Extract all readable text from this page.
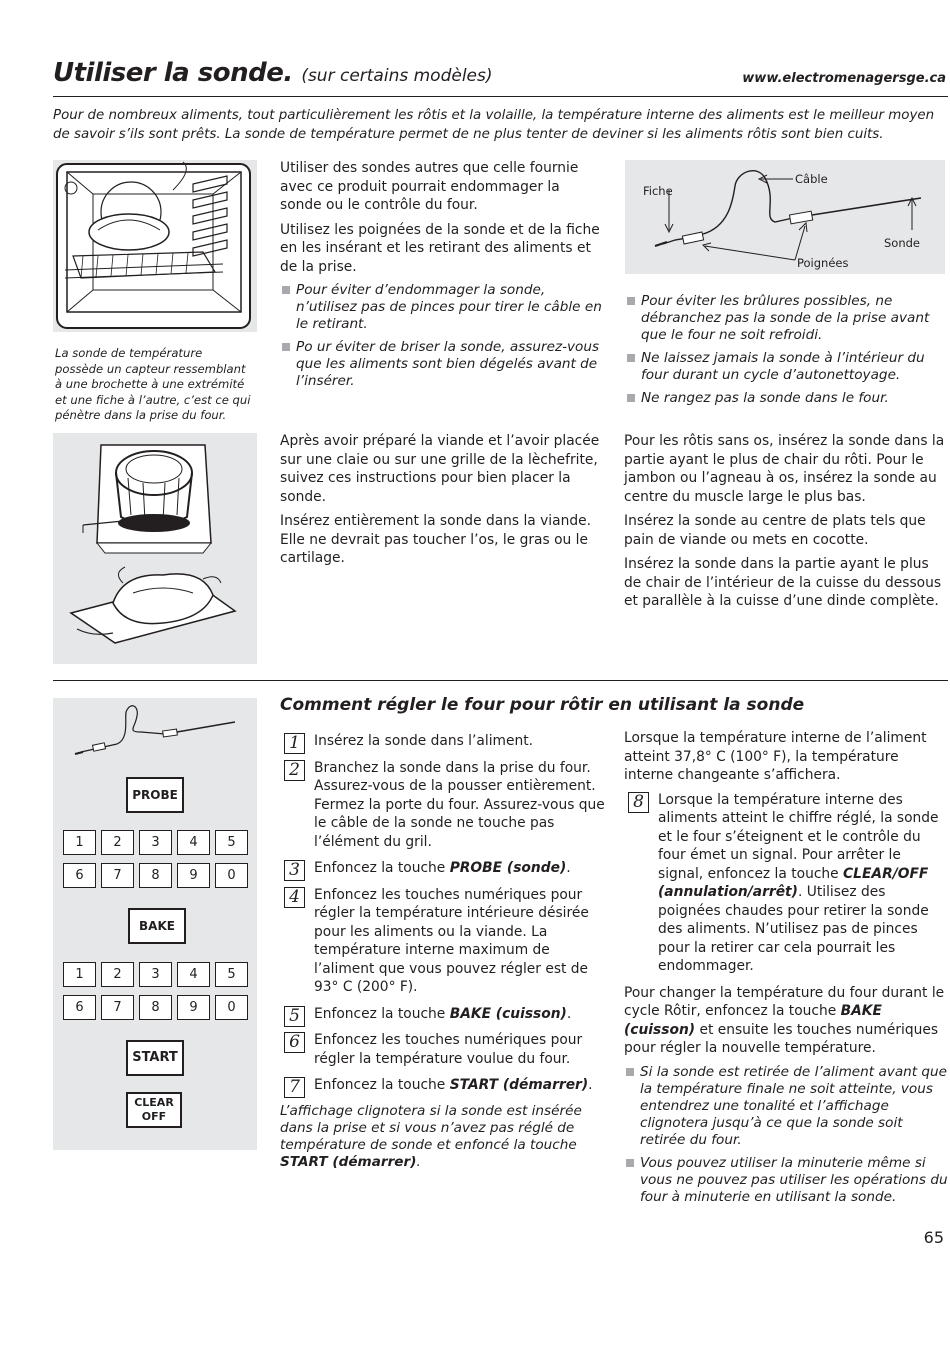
Utiliser la sonde. (sur certains modèles)	www.electromenagersge.ca
Pour de nombreux aliments, tout particulièrement les rôtis et la volaille, la température interne des aliments est le meilleur moyen de savoir s’ils sont prêts. La sonde de température permet de ne plus tenter de deviner si les aliments rôtis sont bien cuits.
La sonde de température possède un capteur ressemblant à une brochette à une extrémité et une fiche à l’autre, c’est ce qui pénètre dans la prise du four.

Utiliser des sondes autres que celle fournie avec ce produit pourrait endommager la sonde ou le contrôle du four.

Utilisez les poignées de la sonde et de la fiche en les insérant et les retirant des aliments et de la prise.

Pour éviter d’endommager la sonde, n’utilisez pas de pinces pour tirer le câble en le retirant.
Po ur éviter de briser la sonde, assurez-vous que les aliments sont bien dégelés avant de l’insérer.
Câble
Fiche
Sonde
Poignées
Pour éviter les brûlures possibles, ne débranchez pas la sonde de la prise avant que le four ne soit refroidi.
Ne laissez jamais la sonde à l’intérieur du four durant un cycle d’autonettoyage.
Ne rangez pas la sonde dans le four.

Après avoir préparé la viande et l’avoir placée sur une claie ou sur une grille de la lèchefrite, suivez ces instructions pour bien placer la sonde.

Insérez entièrement la sonde dans la viande. Elle ne devrait pas toucher l’os, le gras ou le cartilage.

Pour les rôtis sans os, insérez la sonde dans la partie ayant le plus de chair du rôti. Pour le jambon ou l’agneau à os, insérez la sonde au centre du muscle large le plus bas.

Insérez la sonde au centre de plats tels que pain de viande ou mets en cocotte.

Insérez la sonde dans la partie ayant le plus de chair de l’intérieur de la cuisse du dessous et parallèle à la cuisse d’une dinde complète.

PROBE
1	2	3	4	5
6	7	8	9	0
BAKE
1	2	3	4	5
6	7	8	9	0
START
CLEAR
OFF
Comment régler le four pour rôtir en utilisant la sonde
1	Insérez la sonde dans l’aliment.
2	Branchez la sonde dans la prise du four. Assurez-vous de la pousser entièrement. Fermez la porte du four. Assurez-vous que le câble de la sonde ne touche pas l’élément du gril.
3	Enfoncez la touche PROBE (sonde).
4	Enfoncez les touches numériques pour régler la température intérieure désirée pour les aliments ou la viande. La température interne maximum de l’aliment que vous pouvez régler est de 93° C (200° F).
5	Enfoncez la touche BAKE (cuisson).
6	Enfoncez les touches numériques pour régler la température voulue du four.
7	Enfoncez la touche START (démarrer).
L’affichage clignotera si la sonde est insérée dans la prise et si vous n’avez pas réglé de température de sonde et enfoncé la touche START (démarrer).

Lorsque la température interne de l’aliment atteint 37,8° C (100° F), la température interne changeante s’affichera.

8	Lorsque la température interne des aliments atteint le chiffre réglé, la sonde et le four s’éteignent et le contrôle du four émet un signal. Pour arrêter le signal, enfoncez la touche CLEAR/OFF (annulation/arrêt). Utilisez des poignées chaudes pour retirer la sonde des aliments. N’utilisez pas de pinces pour la retirer car cela pourrait les endommager.

Pour changer la température du four durant le cycle Rôtir, enfoncez la touche BAKE (cuisson) et ensuite les touches numériques pour régler la nouvelle température.

Si la sonde est retirée de l’aliment avant que la température finale ne soit atteinte, vous entendrez une tonalité et l’affichage clignotera jusqu’à ce que la sonde soit retirée du four.
Vous pouvez utiliser la minuterie même si vous ne pouvez pas utiliser les opérations du four à minuterie en utilisant la sonde.
65
